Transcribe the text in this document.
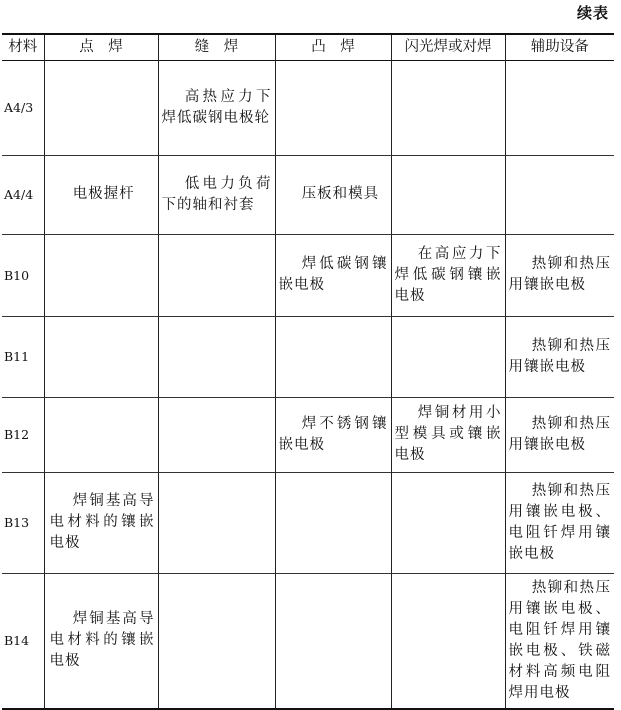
续表
材料	点　焊	缝　焊	凸　焊	闪光焊或对焊	辅助设备
A4/3		高热应力下焊低碳钢电极轮			
A4/4	电极握杆	低电力负荷下的轴和衬套	压板和模具		
B10			焊低碳钢镶嵌电极	在高应力下焊低碳钢镶嵌电极	热铆和热压用镶嵌电极
B11					热铆和热压用镶嵌电极
B12			焊不锈钢镶嵌电极	焊铜材用小型模具或镶嵌电极	热铆和热压用镶嵌电极
B13	焊铜基高导电材料的镶嵌电极				热铆和热压用镶嵌电极、电阻钎焊用镶嵌电极
B14	焊铜基高导电材料的镶嵌电极				热铆和热压用镶嵌电极、电阻钎焊用镶嵌电极、铁磁材料高频电阻焊用电极
